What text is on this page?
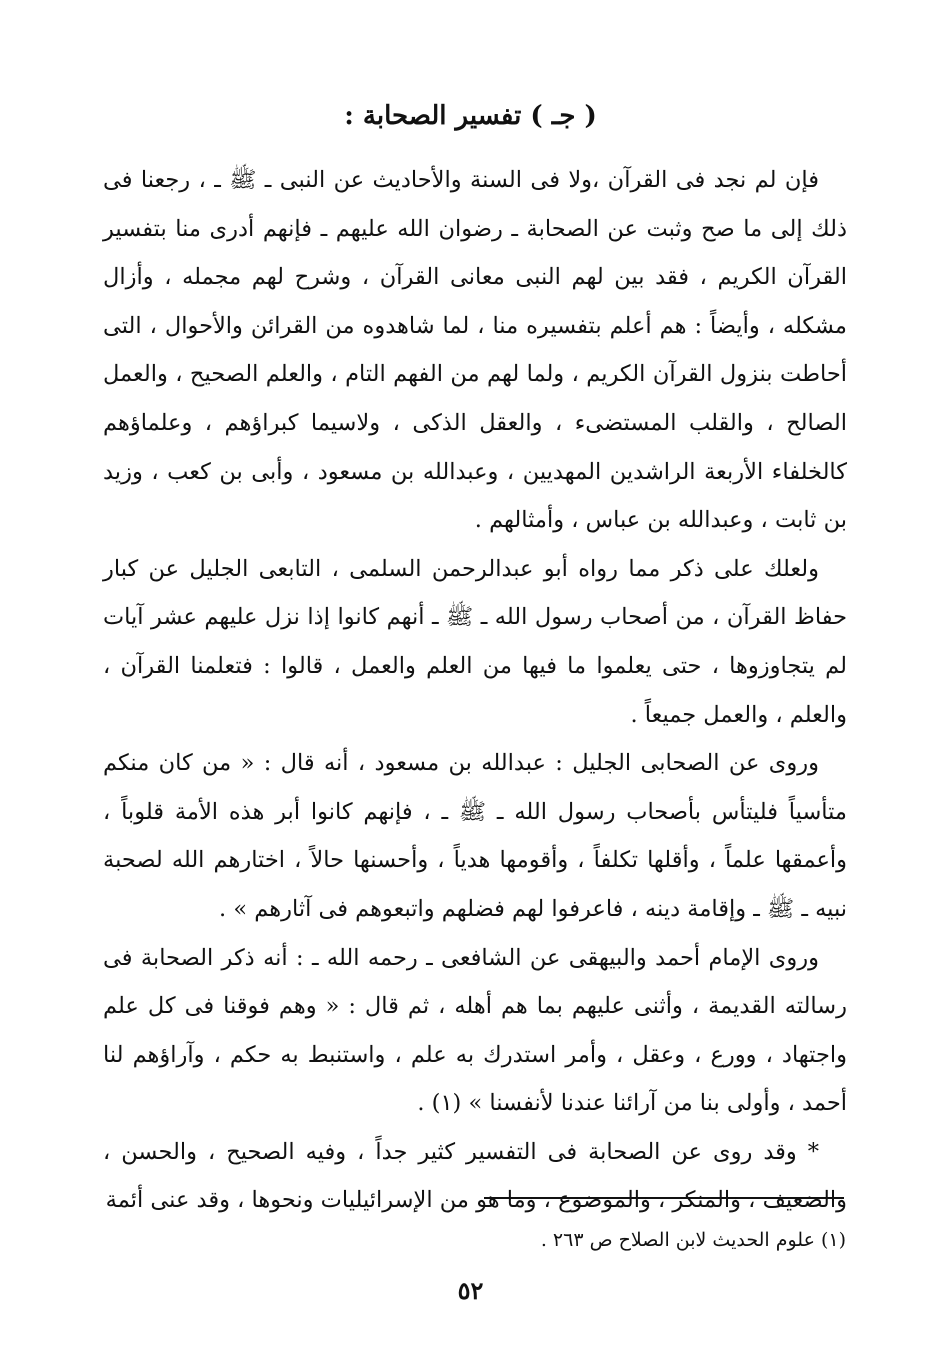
( جـ ) تفسير الصحابة :

فإن لم نجد فى القرآن ،ولا فى السنة والأحاديث عن النبى ـ ﷺ ـ ، رجعنا فى ذلك إلى ما صح وثبت عن الصحابة ـ رضوان الله عليهم ـ فإنهم أدرى منا بتفسير القرآن الكريم ، فقد بين لهم النبى معانى القرآن ، وشرح لهم مجمله ، وأزال مشكله ، وأيضاً : هم أعلم بتفسيره منا ، لما شاهدوه من القرائن والأحوال ، التى أحاطت بنزول القرآن الكريم ، ولما لهم من الفهم التام ، والعلم الصحيح ، والعمل الصالح ، والقلب المستضىء ، والعقل الذكى ، ولاسيما كبراؤهم ، وعلماؤهم كالخلفاء الأربعة الراشدين المهديين ، وعبدالله بن مسعود ، وأبى بن كعب ، وزيد بن ثابت ، وعبدالله بن عباس ، وأمثالهم .

ولعلك على ذكر مما رواه أبو عبدالرحمن السلمى ، التابعى الجليل عن كبار حفاظ القرآن ، من أصحاب رسول الله ـ ﷺ ـ أنهم كانوا إذا نزل عليهم عشر آيات لم يتجاوزوها ، حتى يعلموا ما فيها من العلم والعمل ، قالوا : فتعلمنا القرآن ، والعلم ، والعمل جميعاً .

وروى عن الصحابى الجليل : عبدالله بن مسعود ، أنه قال : « من كان منكم متأسياً فليتأس بأصحاب رسول الله ـ ﷺ ـ ، فإنهم كانوا أبر هذه الأمة قلوباً ، وأعمقها علماً ، وأقلها تكلفاً ، وأقومها هدياً ، وأحسنها حالاً ، اختارهم الله لصحبة نبيه ـ ﷺ ـ وإقامة دينه ، فاعرفوا لهم فضلهم واتبعوهم فى آثارهم » .

وروى الإمام أحمد والبيهقى عن الشافعى ـ رحمه الله ـ : أنه ذكر الصحابة فى رسالته القديمة ، وأثنى عليهم بما هم أهله ، ثم قال : « وهم فوقنا فى كل علم واجتهاد ، وورع ، وعقل ، وأمر استدرك به علم ، واستنبط به حكم ، وآراؤهم لنا أحمد ، وأولى بنا من آرائنا عندنا لأنفسنا » (١) .

* وقد روى عن الصحابة فى التفسير كثير جداً ، وفيه الصحيح ، والحسن ، والضعيف ، والمنكر ، والموضوع ، وما هو من الإسرائيليات ونحوها ، وقد عنى أئمة

(١) علوم الحديث لابن الصلاح ص ٢٦٣ .
٥٢
